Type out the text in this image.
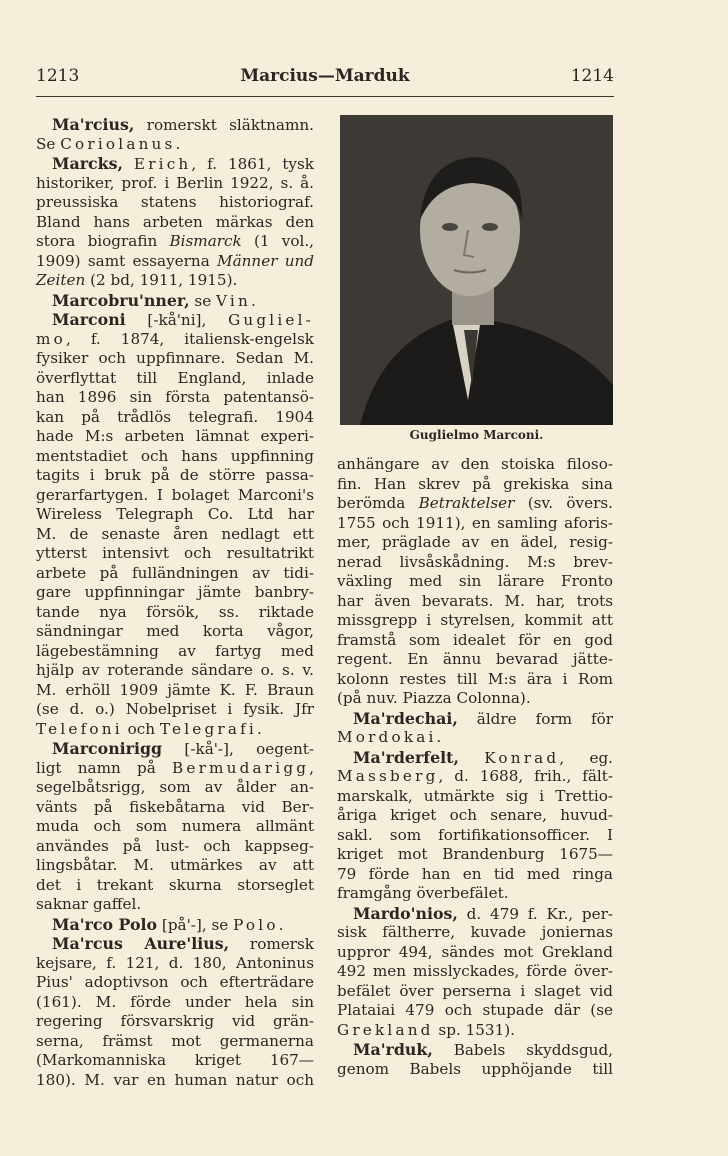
1213	Marcius—Marduk	1214
Ma'rcius, romerskt släktnamn.
Se Coriolanus.
Marcks, Erich, f. 1861, tysk
historiker, prof. i Berlin 1922, s. å.
preussiska statens historiograf.
Bland hans arbeten märkas den
stora biografin Bismarck (1 vol.,
1909) samt essayerna Männer und
Zeiten (2 bd, 1911, 1915).
Marcobru'nner, se Vin.
Marconi [-kå'ni], Gugliel-
mo, f. 1874, italiensk-engelsk
fysiker och uppfinnare. Sedan M.
överflyttat till England, inlade
han 1896 sin första patentansö-
kan på trådlös telegrafi. 1904
hade M:s arbeten lämnat experi-
mentstadiet och hans uppfinning
tagits i bruk på de större passa-
gerarfartygen. I bolaget Marconi's
Wireless Telegraph Co. Ltd har
M. de senaste åren nedlagt ett
ytterst intensivt och resultatrikt
arbete på fulländningen av tidi-
gare uppfinningar jämte banbry-
tande nya försök, ss. riktade
sändningar med korta vågor,
lägebestämning av fartyg med
hjälp av roterande sändare o. s. v.
M. erhöll 1909 jämte K. F. Braun
(se d. o.) Nobelpriset i fysik. Jfr
Telefoni och Telegrafi.
Marconirigg [-kå'-], oegent-
ligt namn på Bermudarigg,
segelbåtsrigg, som av ålder an-
vänts på fiskebåtarna vid Ber-
muda och som numera allmänt
användes på lust- och kappseg-
lingsbåtar. M. utmärkes av att
det i trekant skurna storseglet
saknar gaffel.
Ma'rco Polo [på'-], se Polo.
Ma'rcus Aure'lius, romersk
kejsare, f. 121, d. 180, Antoninus
Pius' adoptivson och efterträdare
(161). M. förde under hela sin
regering försvarskrig vid grän-
serna, främst mot germanerna
(Markomanniska kriget 167—
180). M. var en human natur och
Guglielmo Marconi.
anhängare av den stoiska filoso-
fin. Han skrev på grekiska sina
berömda Betraktelser (sv. övers.
1755 och 1911), en samling aforis-
mer, präglade av en ädel, resig-
nerad livsåskådning. M:s brev-
växling med sin lärare Fronto
har även bevarats. M. har, trots
missgrepp i styrelsen, kommit att
framstå som idealet för en god
regent. En ännu bevarad jätte-
kolonn restes till M:s ära i Rom
(på nuv. Piazza Colonna).
Ma'rdechai, äldre form för
Mordokai.
Ma'rderfelt, Konrad, eg.
Massberg, d. 1688, frih., fält-
marskalk, utmärkte sig i Trettio-
åriga kriget och senare, huvud-
sakl. som fortifikationsofficer. I
kriget mot Brandenburg 1675—
79 förde han en tid med ringa
framgång överbefälet.
Mardo'nios, d. 479 f. Kr., per-
sisk fältherre, kuvade joniernas
uppror 494, sändes mot Grekland
492 men misslyckades, förde över-
befälet över perserna i slaget vid
Plataiai 479 och stupade där (se
Grekland sp. 1531).
Ma'rduk, Babels skyddsgud,
genom Babels upphöjande till
